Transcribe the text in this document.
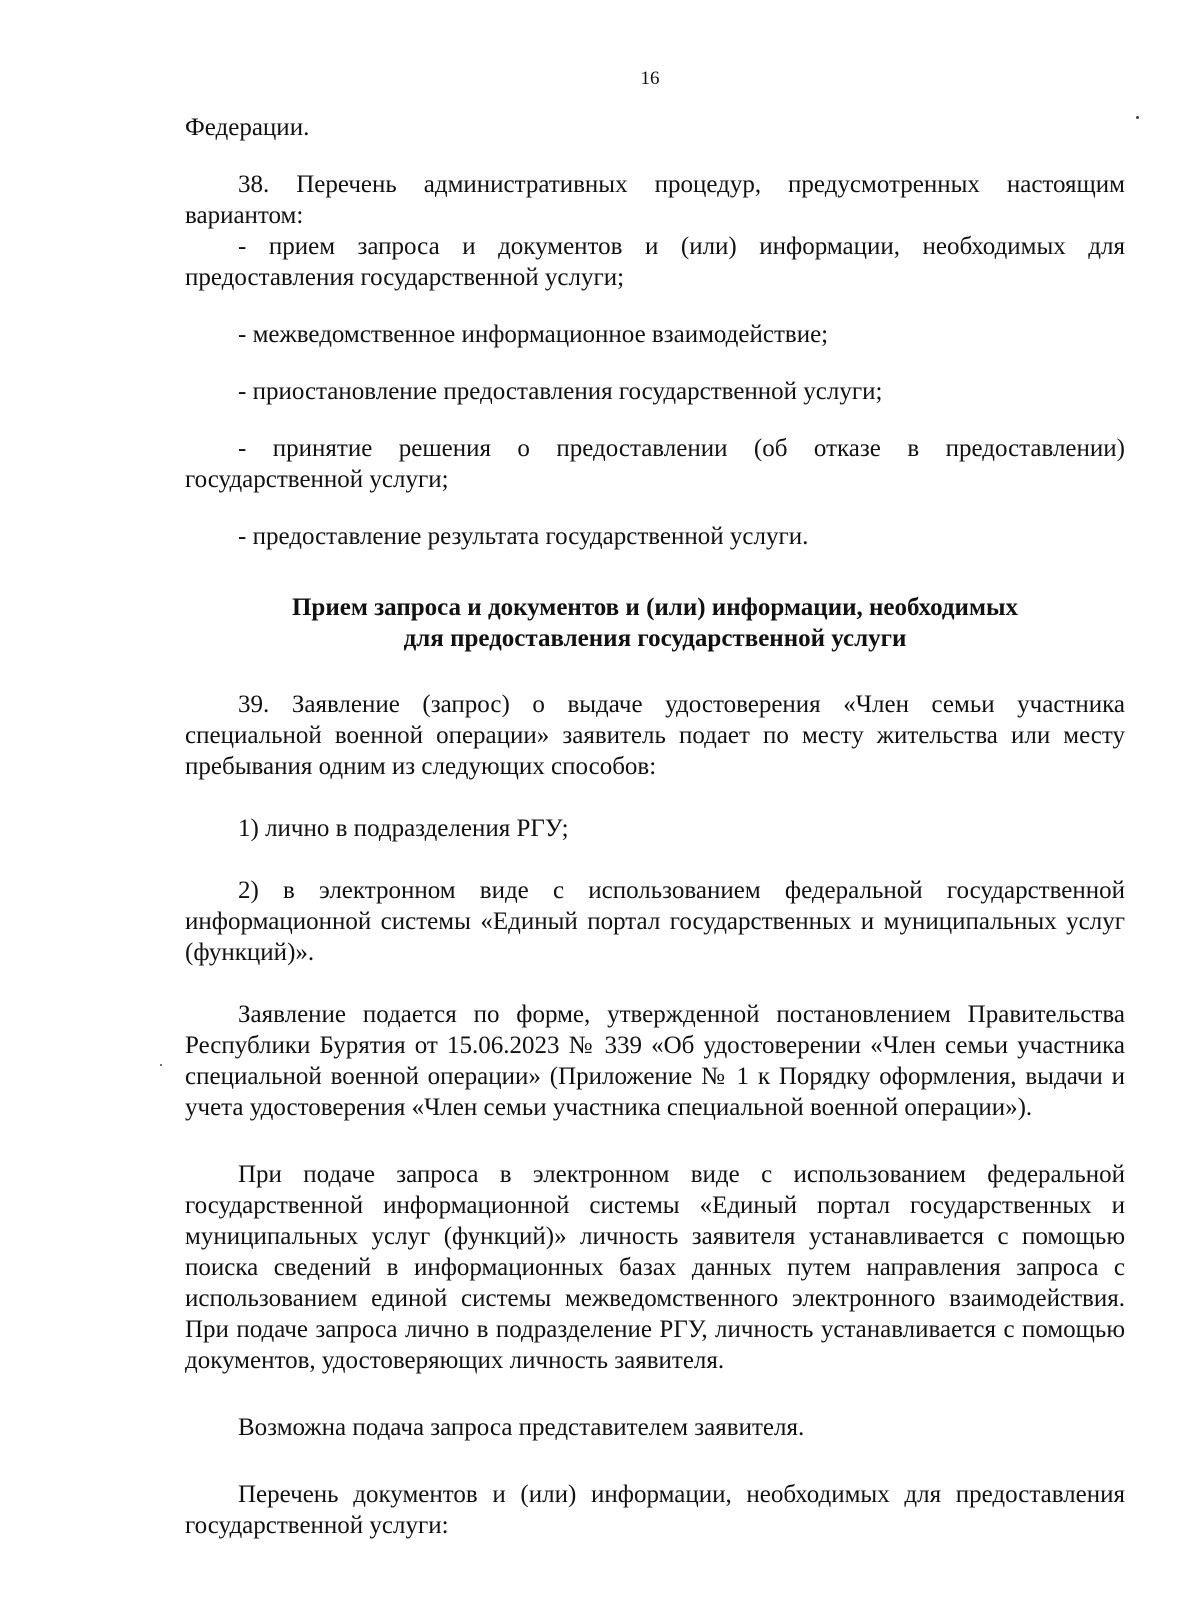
16

Федерации.

38. Перечень административных процедур, предусмотренных настоящим вариантом:

- прием запроса и документов и (или) информации, необходимых для предоставления государственной услуги;

- межведомственное информационное взаимодействие;

- приостановление предоставления государственной услуги;

- принятие решения о предоставлении (об отказе в предоставлении) государственной услуги;

- предоставление результата государственной услуги.

Прием запроса и документов и (или) информации, необходимых
для предоставления государственной услуги

39. Заявление (запрос) о выдаче удостоверения «Член семьи участника специальной военной операции» заявитель подает по месту жительства или месту пребывания одним из следующих способов:

1) лично в подразделения РГУ;

2) в электронном виде с использованием федеральной государственной информационной системы «Единый портал государственных и муниципальных услуг (функций)».

Заявление подается по форме, утвержденной постановлением Правительства Республики Бурятия от 15.06.2023 № 339 «Об удостоверении «Член семьи участника специальной военной операции» (Приложение № 1 к Порядку оформления, выдачи и учета удостоверения «Член семьи участника специальной военной операции»).

При подаче запроса в электронном виде с использованием федеральной государственной информационной системы «Единый портал государственных и муниципальных услуг (функций)» личность заявителя устанавливается с помощью поиска сведений в информационных базах данных путем направления запроса с использованием единой системы межведомственного электронного взаимодействия. При подаче запроса лично в подразделение РГУ, личность устанавливается с помощью документов, удостоверяющих личность заявителя.

Возможна подача запроса представителем заявителя.

Перечень документов и (или) информации, необходимых для предоставления государственной услуги:
